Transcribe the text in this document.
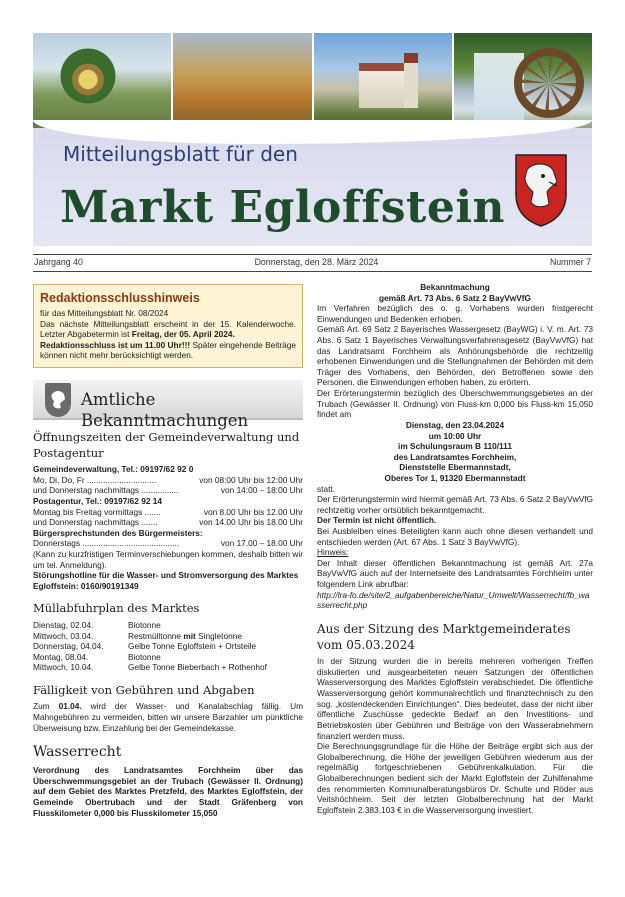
Mitteilungsblatt für den
Markt Egloffstein
Jahrgang 40	Donnerstag, den 28. März 2024	Nummer 7
Redaktionsschlusshinweis

für das Mitteilungsblatt Nr. 08/2024

Das nächste Mitteilungsblatt erscheint in der 15. Kalenderwoche. Letzter Abgabetermin ist Freitag, der 05. April 2024.

Redaktionsschluss ist um 11.00 Uhr!!! Später eingehende Beiträge können nicht mehr berücksichtigt werden.

Amtliche Bekanntmachungen
Öffnungszeiten der Gemeindeverwaltung und Postagentur
Gemeindeverwaltung, Tel.: 09197/62 92 0
Mo, Di, Do, Fr ..............................	von 08:00 Uhr bis 12:00 Uhr
und Donnerstag nachmittags ................	von 14:00 – 18:00 Uhr
Postagentur, Tel.: 09197/62 92 14
Montag bis Freitag vormittags .......	von 8.00 Uhr bis 12.00 Uhr
und Donnerstag nachmittags .......	von 14.00 Uhr bis 18.00 Uhr
Bürgersprechstunden des Bürgermeisters:
Donnerstags ..........................................	von 17.00 – 18.00 Uhr
(Kann zu kurzfristigen Terminverschiebungen kommen, deshalb bitten wir um tel. Anmeldung).
Störungshotline für die Wasser- und Stromversorgung des Marktes Egloffstein: 0160/90191349
Müllabfuhrplan des Marktes
Dienstag, 02.04.	Biotonne
Mittwoch, 03.04.	Restmülltonne mit Singletonne
Donnerstag, 04.04.	Gelbe Tonne Egloffstein + Ortsteile
Montag, 08.04.	Biotonne
Mittwoch, 10.04.	Gelbe Tonne Bieberbach + Rothenhof
Fälligkeit von Gebühren und Abgaben

Zum 01.04. wird der Wasser- und Kanalabschlag fällig. Um Mahngebühren zu vermeiden, bitten wir unsere Barzahler um pünktliche Überweisung bzw. Einzahlung bei der Gemeindekasse.

Wasserrecht

Verordnung des Landratsamtes Forchheim über das Überschwemmungsgebiet an der Trubach (Gewässer II. Ordnung) auf dem Gebiet des Marktes Pretzfeld, des Marktes Egloffstein, der Gemeinde Obertrubach und der Stadt Gräfenberg von Flusskilometer 0,000 bis Flusskilometer 15,050

Bekanntmachung
gemäß Art. 73 Abs. 6 Satz 2 BayVwVfG

Im Verfahren bezüglich des o. g. Vorhabens wurden fristgerecht Einwendungen und Bedenken erhoben.

Gemäß Art. 69 Satz 2 Bayerisches Wassergesetz (BayWG) i. V. m. Art. 73 Abs. 6 Satz 1 Bayerisches Verwaltungsverfahrensgesetz (BayVwVfG) hat das Landratsamt Forchheim als Anhörungsbehörde die rechtzeitig erhobenen Einwendungen und die Stellungnahmen der Behörden mit dem Träger des Vorhabens, den Behörden, den Betroffenen sowie den Personen, die Einwendungen erhoben haben, zu erörtern.

Der Erörterungstermin bezüglich des Überschwemmungsgebietes an der Trubach (Gewässer II. Ordnung) von Fluss-km 0,000 bis Fluss-km 15,050 findet am

Dienstag, den 23.04.2024
um 10:00 Uhr
im Schulungsraum B 110/111
des Landratsamtes Forchheim,
Dienststelle Ebermannstadt,
Oberes Tor 1, 91320 Ebermannstadt

statt.

Der Erörterungstermin wird hiermit gemäß Art. 73 Abs. 6 Satz 2 BayVwVfG rechtzeitig vorher ortsüblich bekanntgemacht.

Der Termin ist nicht öffentlich.

Bei Ausbleiben eines Beteiligten kann auch ohne diesen verhandelt und entschieden werden (Art. 67 Abs. 1 Satz 3 BayVwVfG).

Hinweis:

Der Inhalt dieser öffentlichen Bekanntmachung ist gemäß Art. 27a BayVwVfG auch auf der Internetseite des Landratsamtes Forchheim unter folgendem Link abrufbar:

http://lra-fo.de/site/2_aufgabenbereiche/Natur_Umwelt/Wasserrecht/fb_wasserrecht.php

Aus der Sitzung des Marktgemeinderates vom 05.03.2024

In der Sitzung wurden die in bereits mehreren vorherigen Treffen diskutierten und ausgearbeiteten neuen Satzungen der öffentlichen Wasserversorgung des Marktes Egloffstein verabschiedet. Die öffentliche Wasserversorgung gehört kommunalrechtlich und finanztechnisch zu den sog. „kostendeckenden Einrichtungen“. Dies bedeutet, dass der nicht über öffentliche Zuschüsse gedeckte Bedarf an den Investitions- und Betriebskosten über Gebühren und Beiträge von den Wasserabnehmern finanziert werden muss.

Die Berechnungsgrundlage für die Höhe der Beiträge ergibt sich aus der Globalberechnung, die Höhe der jeweiligen Gebühren wiederum aus der regelmäßig fortgeschriebenen Gebührenkalkulation. Für die Globalberechnungen bedient sich der Markt Egloffstein der Zuhilfenahme des renommierten Kommunalberatungsbüros Dr. Schulte und Röder aus Veitshöchheim. Seit der letzten Globalberechnung hat der Markt Egloffstein 2.383.103 € in die Wasserversorgung investiert.
